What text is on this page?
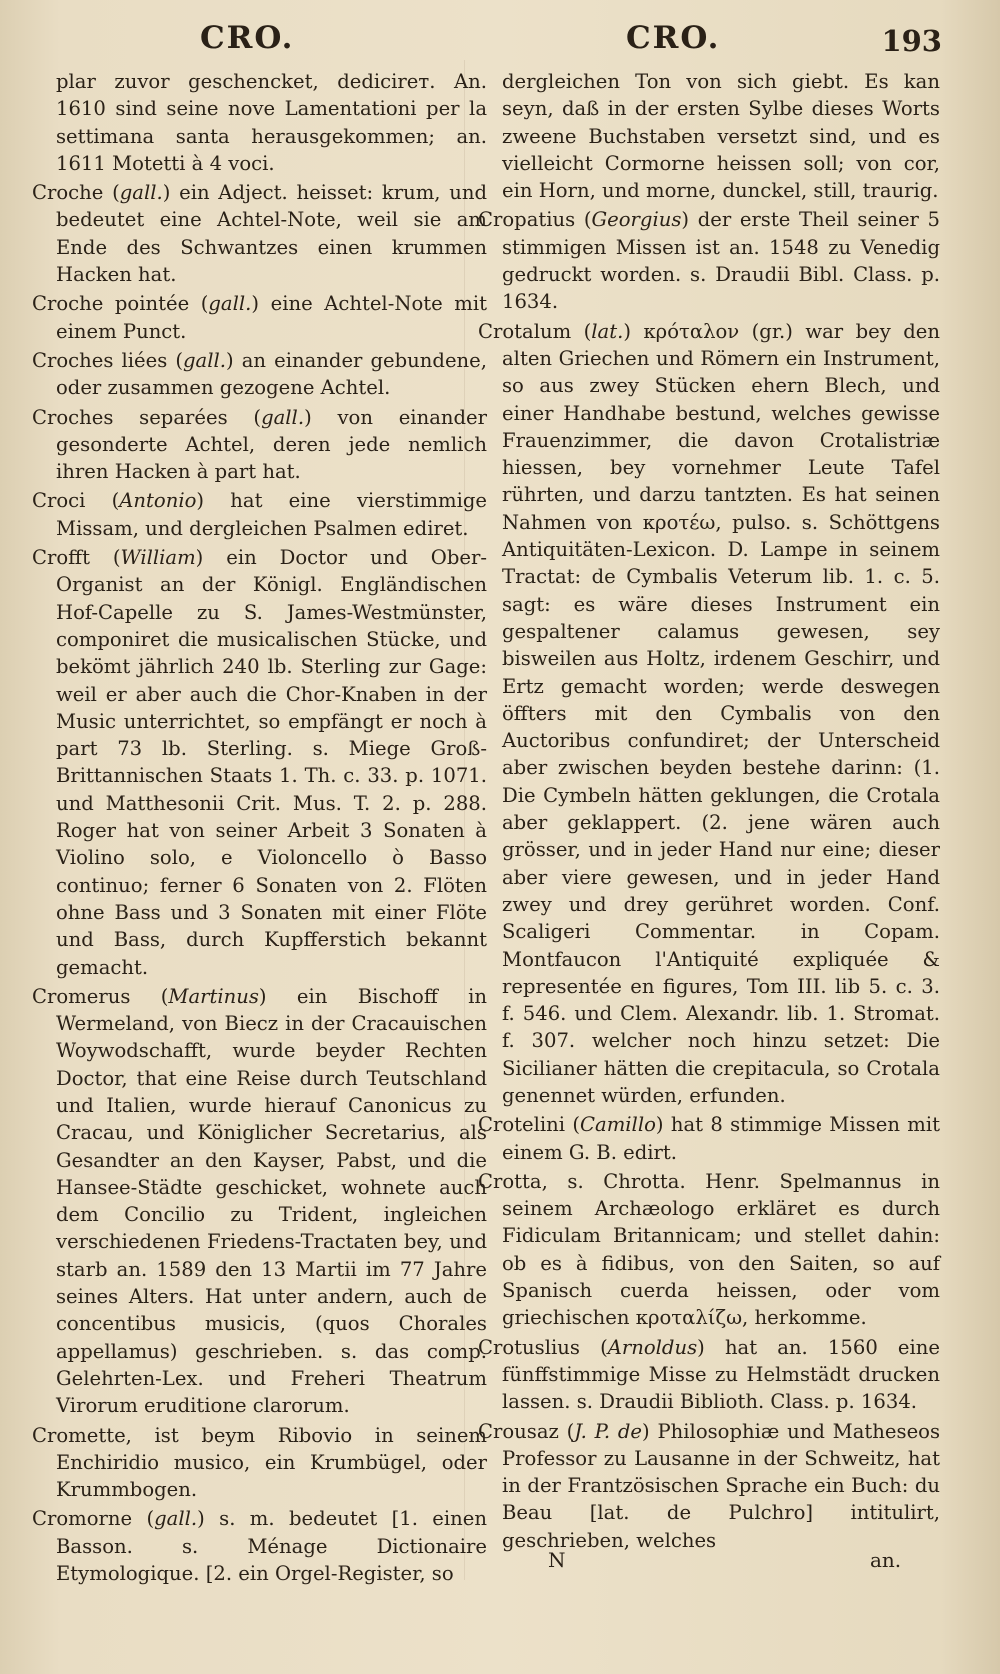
CRO.	CRO.	193

plar zuvor geschencket, dedicirет. An. 1610 sind seine nove Lamentationi per la settimana santa herausgekommen; an. 1611 Motetti à 4 voci.

Croche (gall.) ein Adject. heisset: krum, und bedeutet eine Achtel-Note, weil sie am Ende des Schwantzes einen krummen Hacken hat.

Croche pointée (gall.) eine Achtel-Note mit einem Punct.

Croches liées (gall.) an einander gebundene, oder zusammen gezogene Achtel.

Croches separées (gall.) von einander gesonderte Achtel, deren jede nemlich ihren Hacken à part hat.

Croci (Antonio) hat eine vierstimmige Missam, und dergleichen Psalmen ediret.

Crofft (William) ein Doctor und Ober-Organist an der Königl. Engländischen Hof-Capelle zu S. James-Westmünster, componiret die musicalischen Stücke, und bekömt jährlich 240 lb. Sterling zur Gage: weil er aber auch die Chor-Knaben in der Music unterrichtet, so empfängt er noch à part 73 lb. Sterling. s. Miege Groß-Brittannischen Staats 1. Th. c. 33. p. 1071. und Matthesonii Crit. Mus. T. 2. p. 288. Roger hat von seiner Arbeit 3 Sonaten à Violino solo, e Violoncello ò Basso continuo; ferner 6 Sonaten von 2. Flöten ohne Bass und 3 Sonaten mit einer Flöte und Bass, durch Kupfferstich bekannt gemacht.

Cromerus (Martinus) ein Bischoff in Wermeland, von Biecz in der Cracauischen Woywodschafft, wurde beyder Rechten Doctor, that eine Reise durch Teutschland und Italien, wurde hierauf Canonicus zu Cracau, und Königlicher Secretarius, als Gesandter an den Kayser, Pabst, und die Hansee-Städte geschicket, wohnete auch dem Concilio zu Trident, ingleichen verschiedenen Friedens-Tractaten bey, und starb an. 1589 den 13 Martii im 77 Jahre seines Alters. Hat unter andern, auch de concentibus musicis, (quos Chorales appellamus) geschrieben. s. das comp. Gelehrten-Lex. und Freheri Theatrum Virorum eruditione clarorum.

Cromette, ist beym Ribovio in seinem Enchiridio musico, ein Krumbügel, oder Krummbogen.

Cromorne (gall.) s. m. bedeutet [1. einen Basson. s. Ménage Dictionaire Etymologique. [2. ein Orgel-Register, so

dergleichen Ton von sich giebt. Es kan seyn, daß in der ersten Sylbe dieses Worts zweene Buchstaben versetzt sind, und es vielleicht Cormorne heissen soll; von cor, ein Horn, und morne, dunckel, still, traurig.

Cropatius (Georgius) der erste Theil seiner 5 stimmigen Missen ist an. 1548 zu Venedig gedruckt worden. s. Draudii Bibl. Class. p. 1634.

Crotalum (lat.) κρόταλον (gr.) war bey den alten Griechen und Römern ein Instrument, so aus zwey Stücken ehern Blech, und einer Handhabe bestund, welches gewisse Frauenzimmer, die davon Crotalistriæ hiessen, bey vornehmer Leute Tafel rührten, und darzu tantzten. Es hat seinen Nahmen von κροτέω, pulso. s. Schöttgens Antiquitäten-Lexicon. D. Lampe in seinem Tractat: de Cymbalis Veterum lib. 1. c. 5. sagt: es wäre dieses Instrument ein gespaltener calamus gewesen, sey bisweilen aus Holtz, irdenem Geschirr, und Ertz gemacht worden; werde deswegen öffters mit den Cymbalis von den Auctoribus confundiret; der Unterscheid aber zwischen beyden bestehe darinn: (1. Die Cymbeln hätten geklungen, die Crotala aber geklappert. (2. jene wären auch grösser, und in jeder Hand nur eine; dieser aber viere gewesen, und in jeder Hand zwey und drey gerühret worden. Conf. Scaligeri Commentar. in Copam. Montfaucon l'Antiquité expliquée & representée en figures, Tom III. lib 5. c. 3. f. 546. und Clem. Alexandr. lib. 1. Stromat. f. 307. welcher noch hinzu setzet: Die Sicilianer hätten die crepitacula, so Crotala genennet würden, erfunden.

Crotelini (Camillo) hat 8 stimmige Missen mit einem G. B. edirt.

Crotta, s. Chrotta. Henr. Spelmannus in seinem Archæologo erkläret es durch Fidiculam Britannicam; und stellet dahin: ob es à fidibus, von den Saiten, so auf Spanisch cuerda heissen, oder vom griechischen κροταλίζω, herkomme.

Crotuslius (Arnoldus) hat an. 1560 eine fünffstimmige Misse zu Helmstädt drucken lassen. s. Draudii Biblioth. Class. p. 1634.

Crousaz (J. P. de) Philosophiæ und Matheseos Professor zu Lausanne in der Schweitz, hat in der Frantzösischen Sprache ein Buch: du Beau [lat. de Pulchro] intitulirt, geschrieben, welches

N	an.
